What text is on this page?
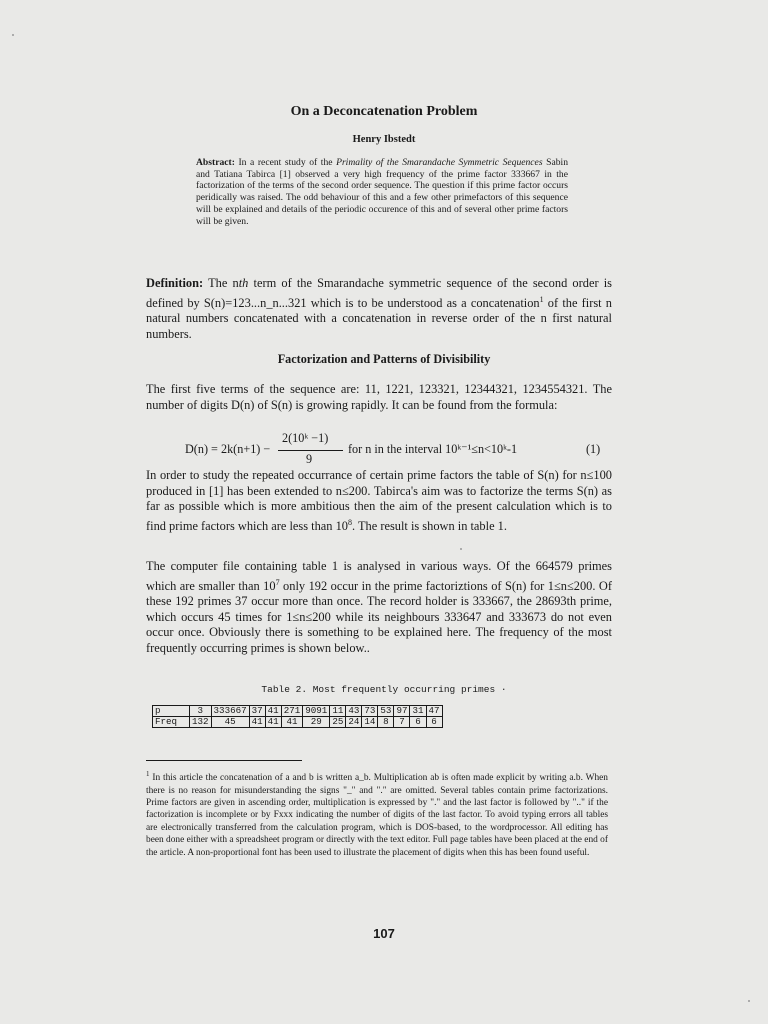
On a Deconcatenation Problem
Henry Ibstedt
Abstract: In a recent study of the Primality of the Smarandache Symmetric Sequences Sabin and Tatiana Tabirca [1] observed a very high frequency of the prime factor 333667 in the factorization of the terms of the second order sequence. The question if this prime factor occurs peridically was raised. The odd behaviour of this and a few other primefactors of this sequence will be explained and details of the periodic occurence of this and of several other prime factors will be given.
Definition: The nth term of the Smarandache symmetric sequence of the second order is defined by S(n)=123...n_n...321 which is to be understood as a concatenation$^1$ of the first n natural numbers concatenated with a concatenation in reverse order of the n first natural numbers.
Factorization and Patterns of Divisibility
The first five terms of the sequence are: 11, 1221, 123321, 12344321, 1234554321. The number of digits D(n) of S(n) is growing rapidly. It can be found from the formula:
D(n) = 2k(n+1) −
2(10ᵏ −1)
9
for n in the interval 10ᵏ⁻¹≤n<10ᵏ-1	(1)
In order to study the repeated occurrance of certain prime factors the table of S(n) for n≤100 produced in [1] has been extended to n≤200. Tabirca's aim was to factorize the terms S(n) as far as possible which is more ambitious then the aim of the present calculation which is to find prime factors which are less than $10^8$. The result is shown in table 1.
The computer file containing table 1 is analysed in various ways. Of the 664579 primes which are smaller than $10^7$ only 192 occur in the prime factoriztions of S(n) for 1≤n≤200. Of these 192 primes 37 occur more than once. The record holder is 333667, the 28693th prime, which occurs 45 times for 1≤n≤200 while its neighbours 333647 and 333673 do not even occur once. Obviously there is something to be explained here. The frequency of the most frequently occurring primes is shown below..
Table 2. Most frequently occurring primes ·
p	3	333667	37	41	271	9091	11	43	73	53	97	31	47
Freq	132	45	41	41	41	29	25	24	14	8	7	6	6
$^1$ In this article the concatenation of a and b is written a_b. Multiplication ab is often made explicit by writing a.b. When there is no reason for misunderstanding the signs "_" and "." are omitted. Several tables contain prime factorizations. Prime factors are given in ascending order, multiplication is expressed by "." and the last factor is followed by ".." if the factorization is incomplete or by Fxxx indicating the number of digits of the last factor. To avoid typing errors all tables are electronically transferred from the calculation program, which is DOS-based, to the wordprocessor. All editing has been done either with a spreadsheet program or directly with the text editor. Full page tables have been placed at the end of the article. A non-proportional font has been used to illustrate the placement of digits when this has been found useful.
107
